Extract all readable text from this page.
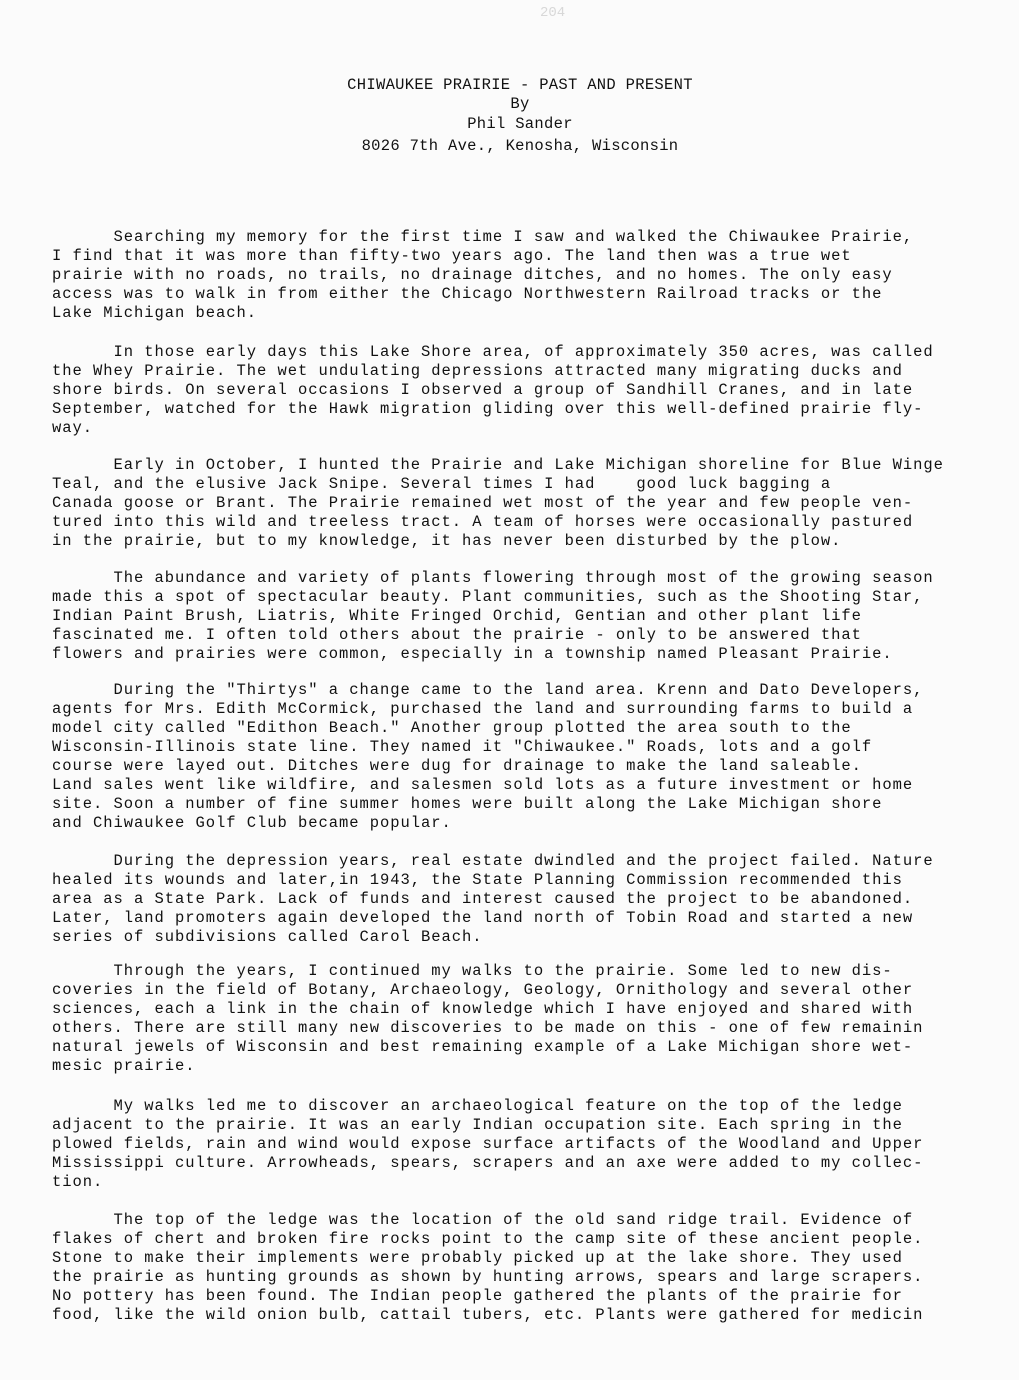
204
CHIWAUKEE PRAIRIE - PAST AND PRESENT
By
Phil Sander
8026 7th Ave., Kenosha, Wisconsin
Searching my memory for the first time I saw and walked the Chiwaukee Prairie,
I find that it was more than fifty-two years ago. The land then was a true wet
prairie with no roads, no trails, no drainage ditches, and no homes. The only easy
access was to walk in from either the Chicago Northwestern Railroad tracks or the
Lake Michigan beach.
In those early days this Lake Shore area, of approximately 350 acres, was called
the Whey Prairie. The wet undulating depressions attracted many migrating ducks and
shore birds. On several occasions I observed a group of Sandhill Cranes, and in late
September, watched for the Hawk migration gliding over this well-defined prairie fly-
way.
Early in October, I hunted the Prairie and Lake Michigan shoreline for Blue Winge
Teal, and the elusive Jack Snipe. Several times I had    good luck bagging a
Canada goose or Brant. The Prairie remained wet most of the year and few people ven-
tured into this wild and treeless tract. A team of horses were occasionally pastured
in the prairie, but to my knowledge, it has never been disturbed by the plow.
The abundance and variety of plants flowering through most of the growing season
made this a spot of spectacular beauty. Plant communities, such as the Shooting Star,
Indian Paint Brush, Liatris, White Fringed Orchid, Gentian and other plant life
fascinated me. I often told others about the prairie - only to be answered that
flowers and prairies were common, especially in a township named Pleasant Prairie.
During the "Thirtys" a change came to the land area. Krenn and Dato Developers,
agents for Mrs. Edith McCormick, purchased the land and surrounding farms to build a
model city called "Edithon Beach." Another group plotted the area south to the
Wisconsin-Illinois state line. They named it "Chiwaukee." Roads, lots and a golf
course were layed out. Ditches were dug for drainage to make the land saleable.
Land sales went like wildfire, and salesmen sold lots as a future investment or home
site. Soon a number of fine summer homes were built along the Lake Michigan shore
and Chiwaukee Golf Club became popular.
During the depression years, real estate dwindled and the project failed. Nature
healed its wounds and later,in 1943, the State Planning Commission recommended this
area as a State Park. Lack of funds and interest caused the project to be abandoned.
Later, land promoters again developed the land north of Tobin Road and started a new
series of subdivisions called Carol Beach.
Through the years, I continued my walks to the prairie. Some led to new dis-
coveries in the field of Botany, Archaeology, Geology, Ornithology and several other
sciences, each a link in the chain of knowledge which I have enjoyed and shared with
others. There are still many new discoveries to be made on this - one of few remainin
natural jewels of Wisconsin and best remaining example of a Lake Michigan shore wet-
mesic prairie.
My walks led me to discover an archaeological feature on the top of the ledge
adjacent to the prairie. It was an early Indian occupation site. Each spring in the
plowed fields, rain and wind would expose surface artifacts of the Woodland and Upper
Mississippi culture. Arrowheads, spears, scrapers and an axe were added to my collec-
tion.
The top of the ledge was the location of the old sand ridge trail. Evidence of
flakes of chert and broken fire rocks point to the camp site of these ancient people.
Stone to make their implements were probably picked up at the lake shore. They used
the prairie as hunting grounds as shown by hunting arrows, spears and large scrapers.
No pottery has been found. The Indian people gathered the plants of the prairie for
food, like the wild onion bulb, cattail tubers, etc. Plants were gathered for medicin
